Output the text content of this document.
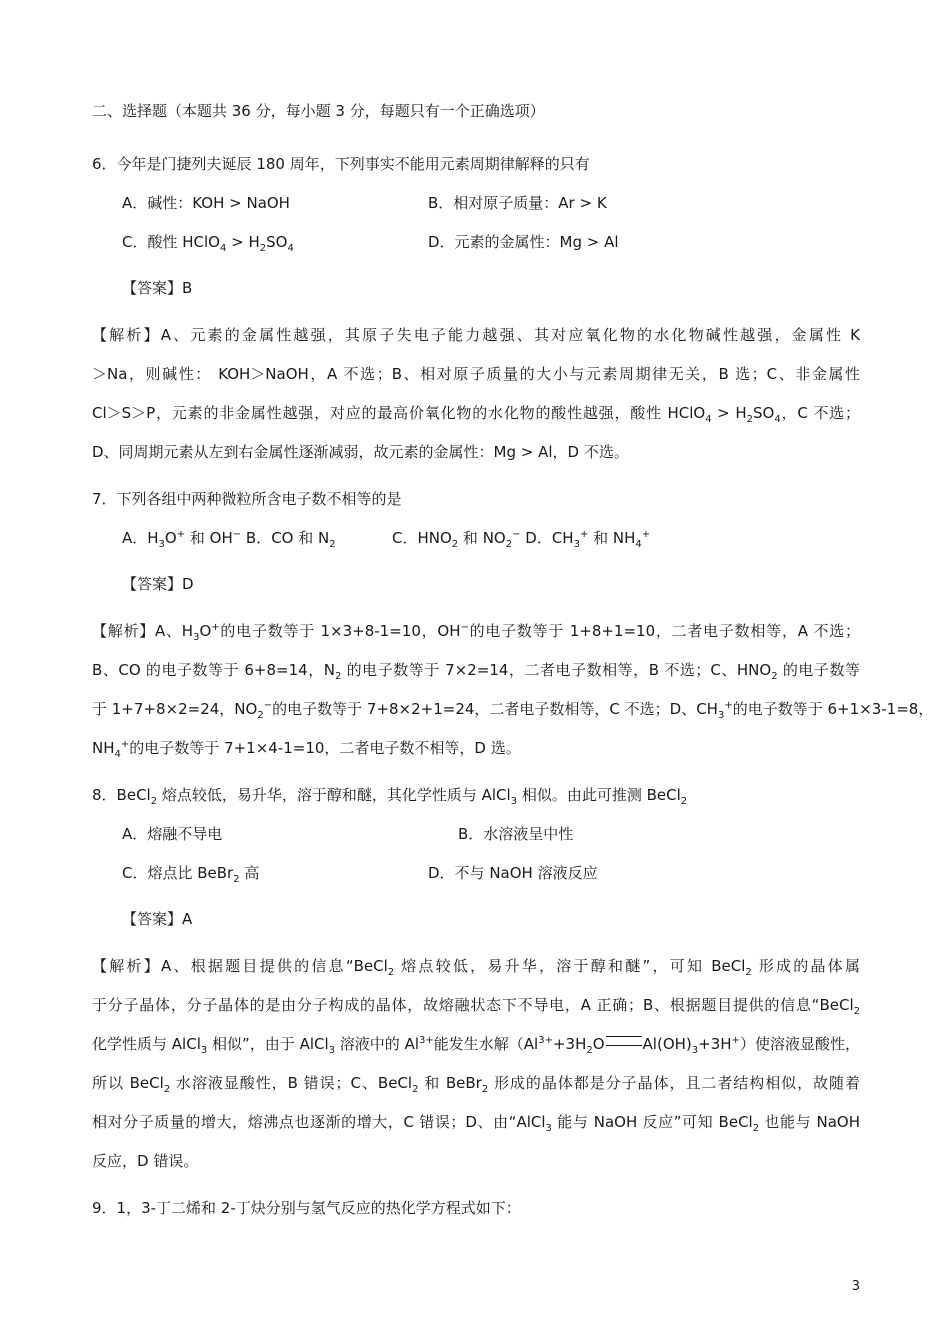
二、选择题（本题共 36 分，每小题 3 分，每题只有一个正确选项）
6．今年是门捷列夫诞辰 180 周年，下列事实不能用元素周期律解释的只有
A．碱性：KOH > NaOH	B．相对原子质量：Ar > K
C．酸性 HClO$_4$ > $H_2SO_4$	D．元素的金属性：Mg > Al
【答案】B
【解析】A、元素的金属性越强，其原子失电子能力越强、其对应氧化物的水化物碱性越强，金属性 K
＞Na，则碱性： KOH＞NaOH，A 不选；B、相对原子质量的大小与元素周期律无关，B 选；C、非金属性
Cl＞S＞P，元素的非金属性越强，对应的最高价氧化物的水化物的酸性越强，酸性 HClO$_4$ > $H_2SO_4$，C 不选；
D、同周期元素从左到右金属性逐渐减弱，故元素的金属性：Mg > Al，D 不选。
7．下列各组中两种微粒所含电子数不相等的是
A．$H_3O^+$ 和 OH− B．CO 和 $N_2$	C．$HNO_2$ 和 $NO_2^-$ D．$CH_3^+$ 和 $NH_4^+$
【答案】D
【解析】A、$H_3O^+$的电子数等于 1×3+8-1=10，OH−的电子数等于 1+8+1=10，二者电子数相等，A 不选；
B、CO 的电子数等于 6+8=14，$N_2$ 的电子数等于 7×2=14，二者电子数相等，B 不选；C、$HNO_2$ 的电子数等
于 1+7+8×2=24，$NO_2^-$的电子数等于 7+8×2+1=24，二者电子数相等，C 不选；D、$CH_3^+$的电子数等于 6+1×3-1=8，
$NH_4^+$的电子数等于 7+1×4-1=10，二者电子数不相等，D 选。
8．BeCl$_2$ 熔点较低，易升华，溶于醇和醚，其化学性质与 AlCl$_3$ 相似。由此可推测 BeCl$_2$
A．熔融不导电	B．水溶液呈中性
C．熔点比 BeBr$_2$ 高	D．不与 NaOH 溶液反应
【答案】A
【解析】A、根据题目提供的信息“BeCl$_2$ 熔点较低，易升华，溶于醇和醚”，可知 BeCl$_2$ 形成的晶体属
于分子晶体，分子晶体的是由分子构成的晶体，故熔融状态下不导电，A 正确；B、根据题目提供的信息“BeCl$_2$
化学性质与 AlCl$_3$ 相似”，由于 AlCl$_3$ 溶液中的 $Al^{3+}$能发生水解（$Al^{3+}+3H_2O$	$Al(OH)_3+3H^+$）使溶液显酸性，
所以 BeCl$_2$ 水溶液显酸性，B 错误；C、BeCl$_2$ 和 BeBr$_2$ 形成的晶体都是分子晶体，且二者结构相似，故随着
相对分子质量的增大，熔沸点也逐渐的增大，C 错误；D、由“AlCl$_3$ 能与 NaOH 反应”可知 BeCl$_2$ 也能与 NaOH
反应，D 错误。
9．1，3-丁二烯和 2-丁炔分别与氢气反应的热化学方程式如下：
3
